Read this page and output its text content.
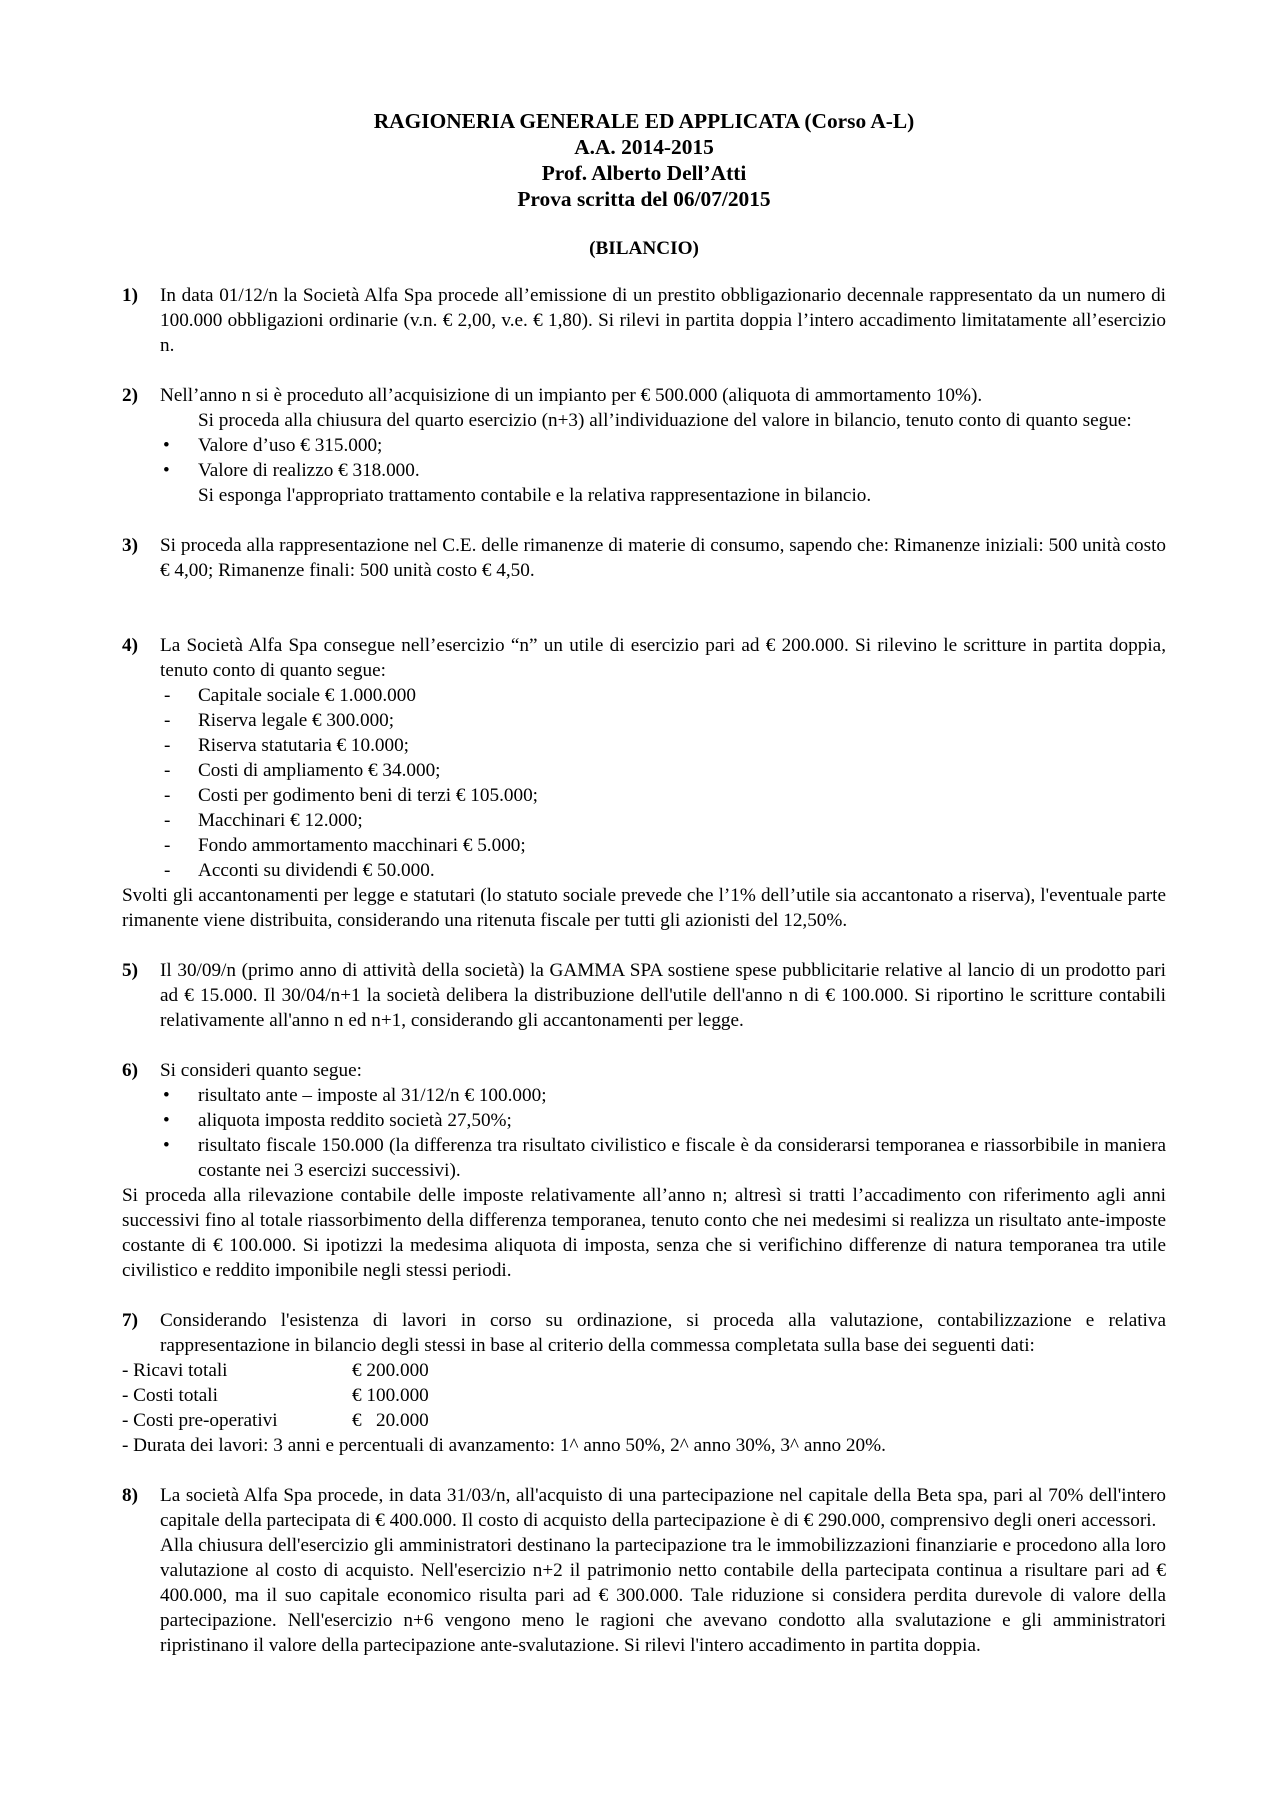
RAGIONERIA GENERALE ED APPLICATA (Corso A-L)
A.A. 2014-2015
Prof. Alberto Dell’Atti
Prova scritta del 06/07/2015
(BILANCIO)
1) In data 01/12/n la Società Alfa Spa procede all’emissione di un prestito obbligazionario decennale rappresentato da un numero di 100.000 obbligazioni ordinarie (v.n. € 2,00, v.e. € 1,80). Si rilevi in partita doppia l’intero accadimento limitatamente all’esercizio n.

2) Nell’anno n si è proceduto all’acquisizione di un impianto per € 500.000 (aliquota di ammortamento 10%).

Si proceda alla chiusura del quarto esercizio (n+3) all’individuazione del valore in bilancio, tenuto conto di quanto segue:

• Valore d’uso € 315.000;
• Valore di realizzo € 318.000.

Si esponga l'appropriato trattamento contabile e la relativa rappresentazione in bilancio.

3) Si proceda alla rappresentazione nel C.E. delle rimanenze di materie di consumo, sapendo che: Rimanenze iniziali: 500 unità costo € 4,00; Rimanenze finali: 500 unità costo € 4,50.

4) La Società Alfa Spa consegue nell’esercizio “n” un utile di esercizio pari ad € 200.000. Si rilevino le scritture in partita doppia, tenuto conto di quanto segue:

- Capitale sociale € 1.000.000
- Riserva legale € 300.000;
- Riserva statutaria € 10.000;
- Costi di ampliamento € 34.000;
- Costi per godimento beni di terzi € 105.000;
- Macchinari € 12.000;
- Fondo ammortamento macchinari € 5.000;
- Acconti su dividendi € 50.000.

Svolti gli accantonamenti per legge e statutari (lo statuto sociale prevede che l’1% dell’utile sia accantonato a riserva), l'eventuale parte rimanente viene distribuita, considerando una ritenuta fiscale per tutti gli azionisti del 12,50%.

5) Il 30/09/n (primo anno di attività della società) la GAMMA SPA sostiene spese pubblicitarie relative al lancio di un prodotto pari ad € 15.000. Il 30/04/n+1 la società delibera la distribuzione dell'utile dell'anno n di € 100.000. Si riportino le scritture contabili relativamente all'anno n ed n+1, considerando gli accantonamenti per legge.

6) Si consideri quanto segue:

• risultato ante – imposte al 31/12/n € 100.000;
• aliquota imposta reddito società 27,50%;
• risultato fiscale 150.000 (la differenza tra risultato civilistico e fiscale è da considerarsi temporanea e riassorbibile in maniera costante nei 3 esercizi successivi).

Si proceda alla rilevazione contabile delle imposte relativamente all’anno n; altresì si tratti l’accadimento con riferimento agli anni successivi fino al totale riassorbimento della differenza temporanea, tenuto conto che nei medesimi si realizza un risultato ante-imposte costante di € 100.000. Si ipotizzi la medesima aliquota di imposta, senza che si verifichino differenze di natura temporanea tra utile civilistico e reddito imponibile negli stessi periodi.

7) Considerando l'esistenza di lavori in corso su ordinazione, si proceda alla valutazione, contabilizzazione e relativa rappresentazione in bilancio degli stessi in base al criterio della commessa completata sulla base dei seguenti dati:

- Ricavi totali	€ 200.000
- Costi totali	€ 100.000
- Costi pre-operativi	€   20.000

- Durata dei lavori: 3 anni e percentuali di avanzamento: 1^ anno 50%, 2^ anno 30%, 3^ anno 20%.

8) La società Alfa Spa procede, in data 31/03/n, all'acquisto di una partecipazione nel capitale della Beta spa, pari al 70% dell'intero capitale della partecipata di € 400.000. Il costo di acquisto della partecipazione è di € 290.000, comprensivo degli oneri accessori.

Alla chiusura dell'esercizio gli amministratori destinano la partecipazione tra le immobilizzazioni finanziarie e procedono alla loro valutazione al costo di acquisto. Nell'esercizio n+2 il patrimonio netto contabile della partecipata continua a risultare pari ad € 400.000, ma il suo capitale economico risulta pari ad € 300.000. Tale riduzione si considera perdita durevole di valore della partecipazione. Nell'esercizio n+6 vengono meno le ragioni che avevano condotto alla svalutazione e gli amministratori ripristinano il valore della partecipazione ante-svalutazione. Si rilevi l'intero accadimento in partita doppia.
